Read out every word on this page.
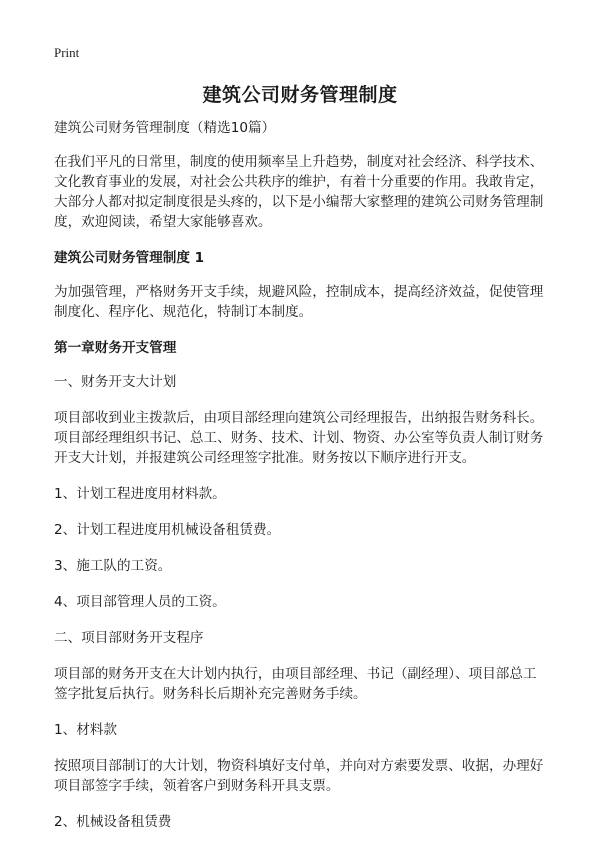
Print
建筑公司财务管理制度

建筑公司财务管理制度（精选10篇）

在我们平凡的日常里，制度的使用频率呈上升趋势，制度对社会经济、科学技术、文化教育事业的发展，对社会公共秩序的维护，有着十分重要的作用。我敢肯定，大部分人都对拟定制度很是头疼的，以下是小编帮大家整理的建筑公司财务管理制度，欢迎阅读，希望大家能够喜欢。

建筑公司财务管理制度 1

为加强管理，严格财务开支手续，规避风险，控制成本，提高经济效益，促使管理制度化、程序化、规范化，特制订本制度。

第一章财务开支管理

一、财务开支大计划

项目部收到业主拨款后，由项目部经理向建筑公司经理报告，出纳报告财务科长。项目部经理组织书记、总工、财务、技术、计划、物资、办公室等负责人制订财务开支大计划，并报建筑公司经理签字批准。财务按以下顺序进行开支。

1、计划工程进度用材料款。

2、计划工程进度用机械设备租赁费。

3、施工队的工资。

4、项目部管理人员的工资。

二、项目部财务开支程序

项目部的财务开支在大计划内执行，由项目部经理、书记（副经理）、项目部总工签字批复后执行。财务科长后期补充完善财务手续。

1、材料款

按照项目部制订的大计划，物资科填好支付单，并向对方索要发票、收据，办理好项目部签字手续，领着客户到财务科开具支票。

2、机械设备租赁费
